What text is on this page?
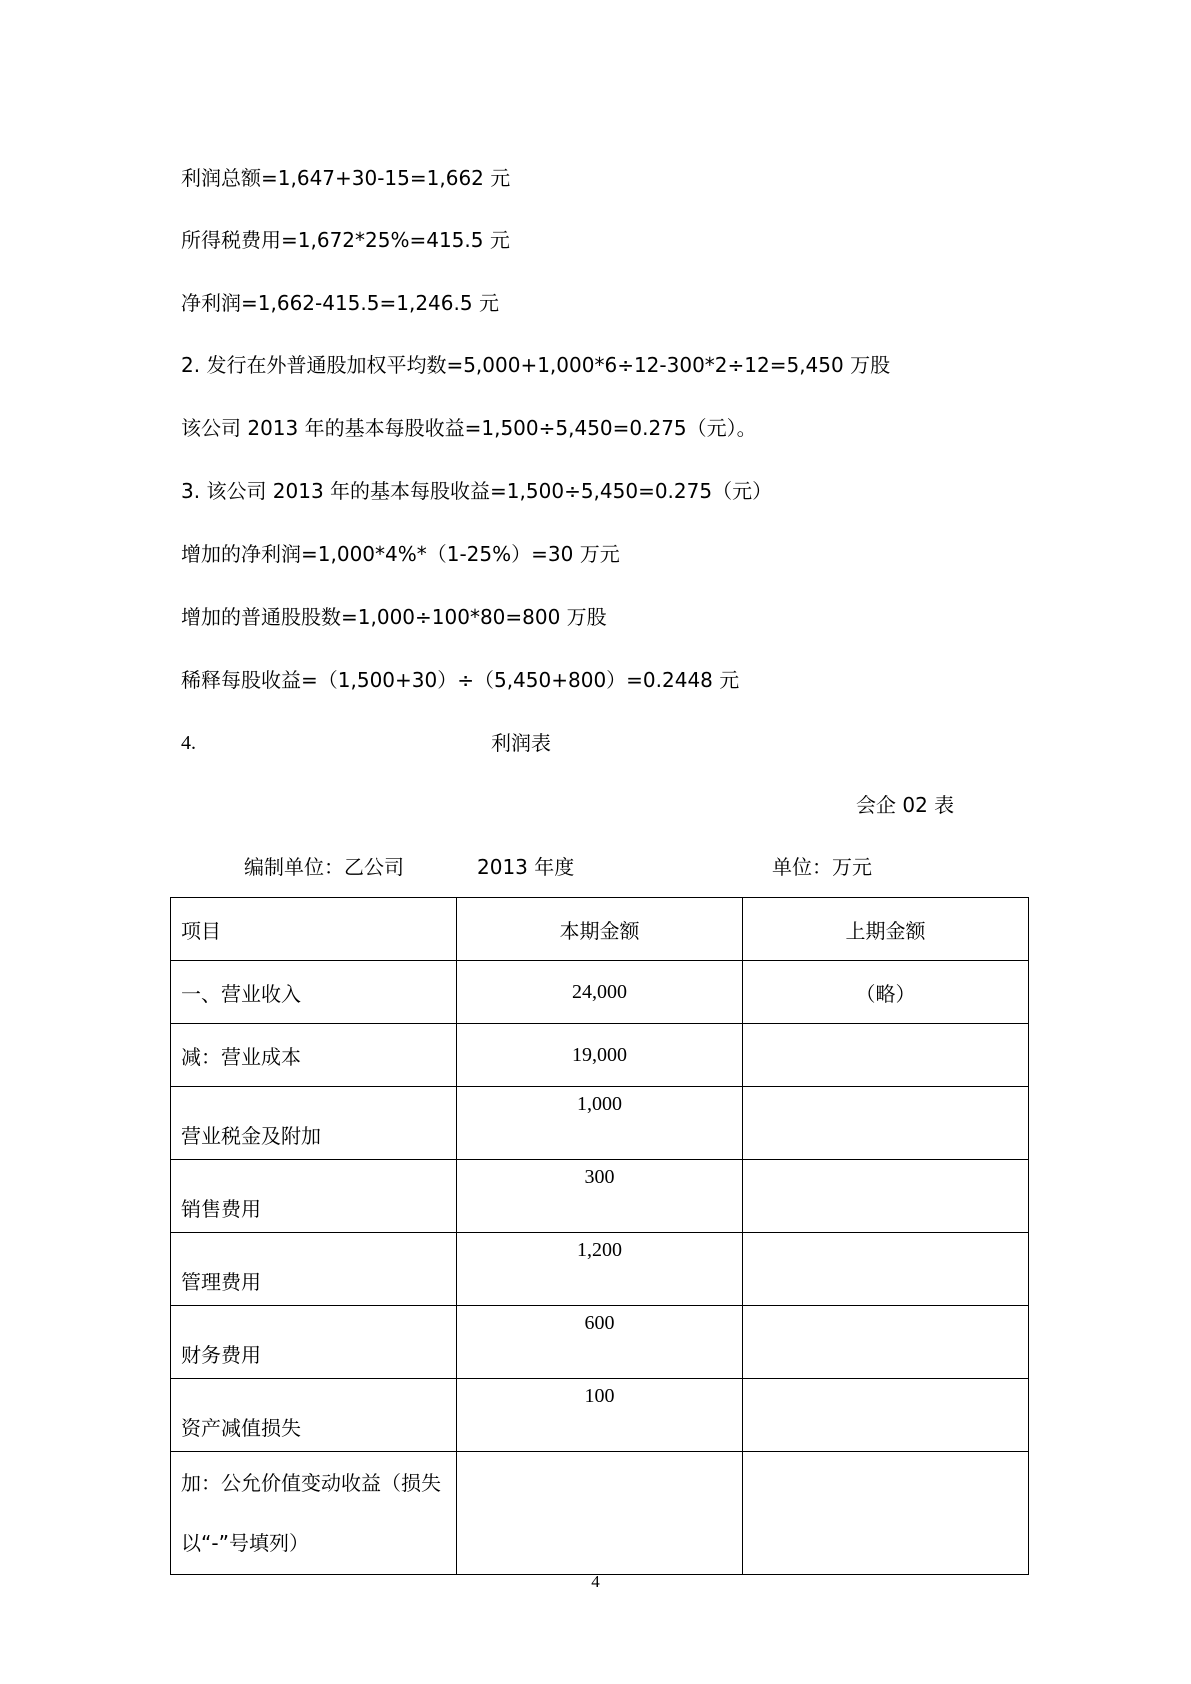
利润总额=1,647+30-15=1,662 元
所得税费用=1,672*25%=415.5 元
净利润=1,662-415.5=1,246.5 元
2. 发行在外普通股加权平均数=5,000+1,000*6÷12-300*2÷12=5,450 万股
该公司 2013 年的基本每股收益=1,500÷5,450=0.275（元）。
3. 该公司 2013 年的基本每股收益=1,500÷5,450=0.275（元）
增加的净利润=1,000*4%*（1-25%）=30 万元
增加的普通股股数=1,000÷100*80=800 万股
稀释每股收益=（1,500+30）÷（5,450+800）=0.2448 元
4.	利润表
会企 02 表
编制单位：乙公司	2013 年度	单位：万元
项目	本期金额	上期金额
一、营业收入	24,000	（略）
减：营业成本	19,000	
营业税金及附加	1,000	
销售费用	300	
管理费用	1,200	
财务费用	600	
资产减值损失	100	
加：公允价值变动收益（损失以“-”号填列）		
4
